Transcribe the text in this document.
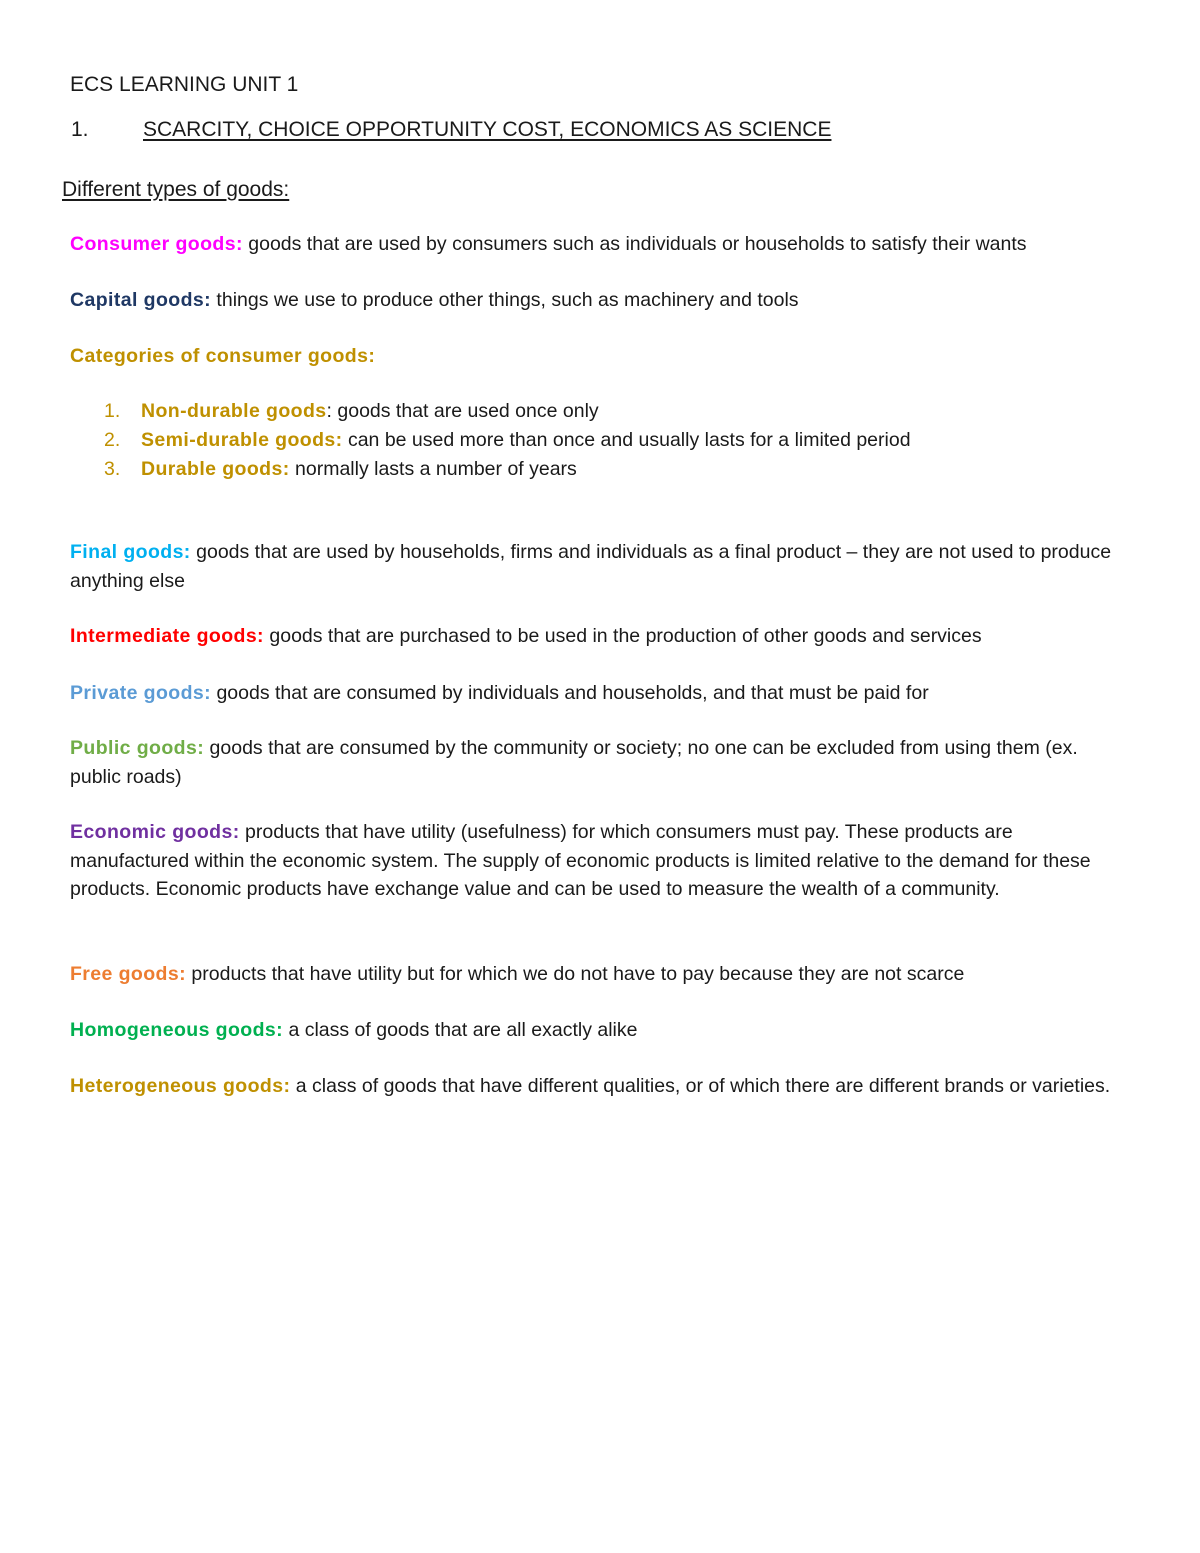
ECS LEARNING UNIT 1
1.	SCARCITY, CHOICE OPPORTUNITY COST, ECONOMICS AS SCIENCE
Different types of goods:
Consumer goods: goods that are used by consumers such as individuals or households to satisfy their wants
Capital goods: things we use to produce other things, such as machinery and tools
Categories of consumer goods:
1. Non-durable goods: goods that are used once only
2. Semi-durable goods: can be used more than once and usually lasts for a limited period
3. Durable goods: normally lasts a number of years
Final goods: goods that are used by households, firms and individuals as a final product – they are not used to produce anything else
Intermediate goods: goods that are purchased to be used in the production of other goods and services
Private goods: goods that are consumed by individuals and households, and that must be paid for
Public goods: goods that are consumed by the community or society; no one can be excluded from using them (ex. public roads)
Economic goods: products that have utility (usefulness) for which consumers must pay. These products are manufactured within the economic system. The supply of economic products is limited relative to the demand for these products. Economic products have exchange value and can be used to measure the wealth of a community.
Free goods: products that have utility but for which we do not have to pay because they are not scarce
Homogeneous goods: a class of goods that are all exactly alike
Heterogeneous goods: a class of goods that have different qualities, or of which there are different brands or varieties.
